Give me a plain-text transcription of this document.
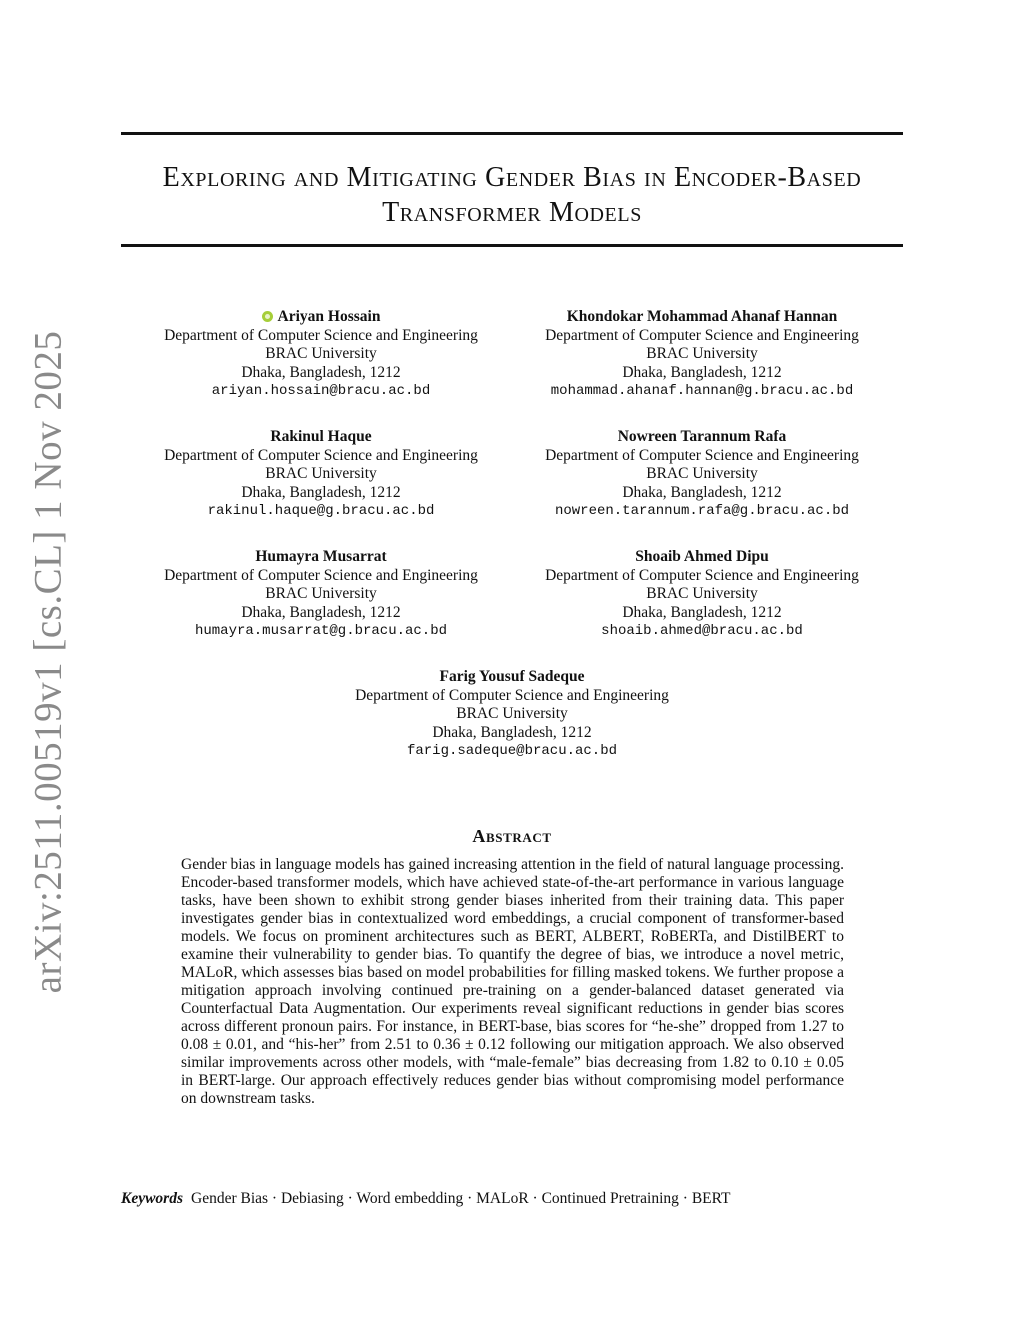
arXiv:2511.00519v1 [cs.CL] 1 Nov 2025
Exploring and Mitigating Gender Bias in Encoder-Based Transformer Models
Ariyan Hossain
Department of Computer Science and Engineering
BRAC University
Dhaka, Bangladesh, 1212
ariyan.hossain@bracu.ac.bd
Khondokar Mohammad Ahanaf Hannan
Department of Computer Science and Engineering
BRAC University
Dhaka, Bangladesh, 1212
mohammad.ahanaf.hannan@g.bracu.ac.bd
Rakinul Haque
Department of Computer Science and Engineering
BRAC University
Dhaka, Bangladesh, 1212
rakinul.haque@g.bracu.ac.bd
Nowreen Tarannum Rafa
Department of Computer Science and Engineering
BRAC University
Dhaka, Bangladesh, 1212
nowreen.tarannum.rafa@g.bracu.ac.bd
Humayra Musarrat
Department of Computer Science and Engineering
BRAC University
Dhaka, Bangladesh, 1212
humayra.musarrat@g.bracu.ac.bd
Shoaib Ahmed Dipu
Department of Computer Science and Engineering
BRAC University
Dhaka, Bangladesh, 1212
shoaib.ahmed@bracu.ac.bd
Farig Yousuf Sadeque
Department of Computer Science and Engineering
BRAC University
Dhaka, Bangladesh, 1212
farig.sadeque@bracu.ac.bd
Abstract
Gender bias in language models has gained increasing attention in the field of natural language processing. Encoder-based transformer models, which have achieved state-of-the-art performance in various language tasks, have been shown to exhibit strong gender biases inherited from their training data. This paper investigates gender bias in contextualized word embeddings, a crucial component of transformer-based models. We focus on prominent architectures such as BERT, ALBERT, RoBERTa, and DistilBERT to examine their vulnerability to gender bias. To quantify the degree of bias, we introduce a novel metric, MALoR, which assesses bias based on model probabilities for filling masked tokens. We further propose a mitigation approach involving continued pre-training on a gender-balanced dataset generated via Counterfactual Data Augmentation. Our experiments reveal significant reductions in gender bias scores across different pronoun pairs. For instance, in BERT-base, bias scores for “he-she” dropped from 1.27 to 0.08 ± 0.01, and “his-her” from 2.51 to 0.36 ± 0.12 following our mitigation approach. We also observed similar improvements across other models, with “male-female” bias decreasing from 1.82 to 0.10 ± 0.05 in BERT-large. Our approach effectively reduces gender bias without compromising model performance on downstream tasks.
Keywords Gender Bias · Debiasing · Word embedding · MALoR · Continued Pretraining · BERT
